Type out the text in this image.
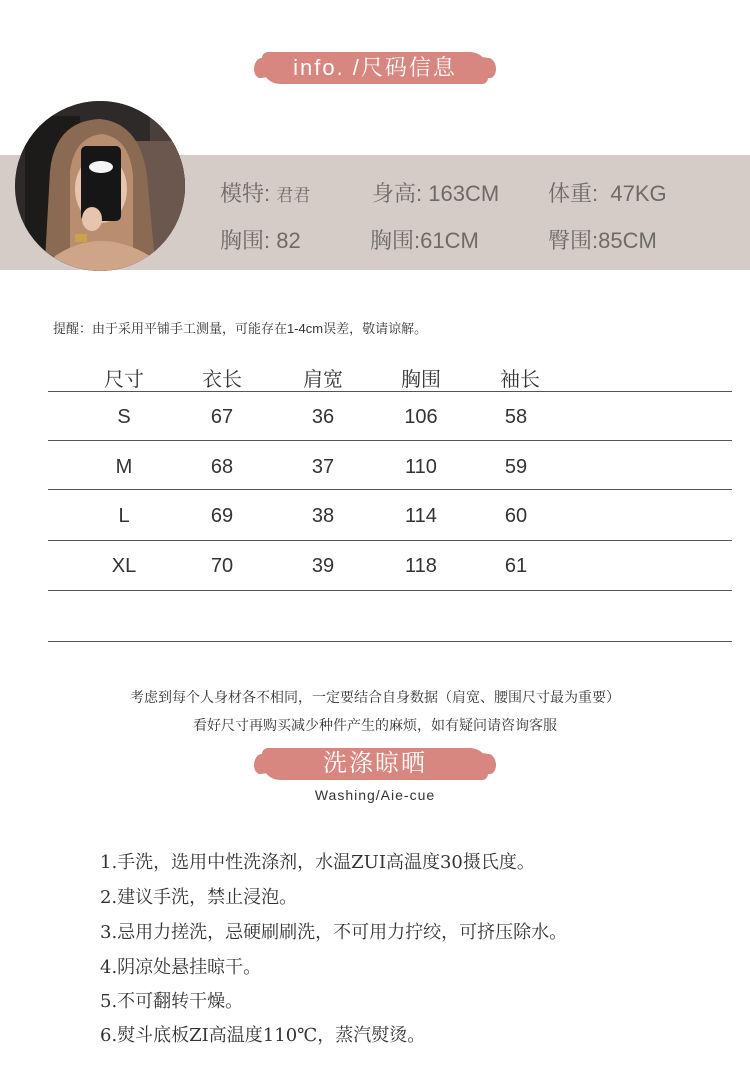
info. /尺码信息
模特: 君君	身高: 163CM 体重: 47KG
胸围: 82	胸围:61CM	臀围:85CM
提醒：由于采用平铺手工测量，可能存在1-4cm误差，敬请谅解。
尺寸	衣长	肩宽	胸围	袖长
S	67	36	106	58
M	68	37	110	59
L	69	38	114	60
XL	70	39	118	61
考虑到每个人身材各不相同，一定要结合自身数据（肩宽、腰围尺寸最为重要）
看好尺寸再购买减少种件产生的麻烦，如有疑问请咨询客服
洗涤晾晒
Washing/Aie-cue
1.手洗，选用中性洗涤剂，水温ZUI高温度30摄氏度。
2.建议手洗，禁止浸泡。
3.忌用力搓洗，忌硬刷刷洗，不可用力拧绞，可挤压除水。
4.阴凉处悬挂晾干。
5.不可翻转干燥。
6.熨斗底板ZI高温度110℃，蒸汽熨烫。
